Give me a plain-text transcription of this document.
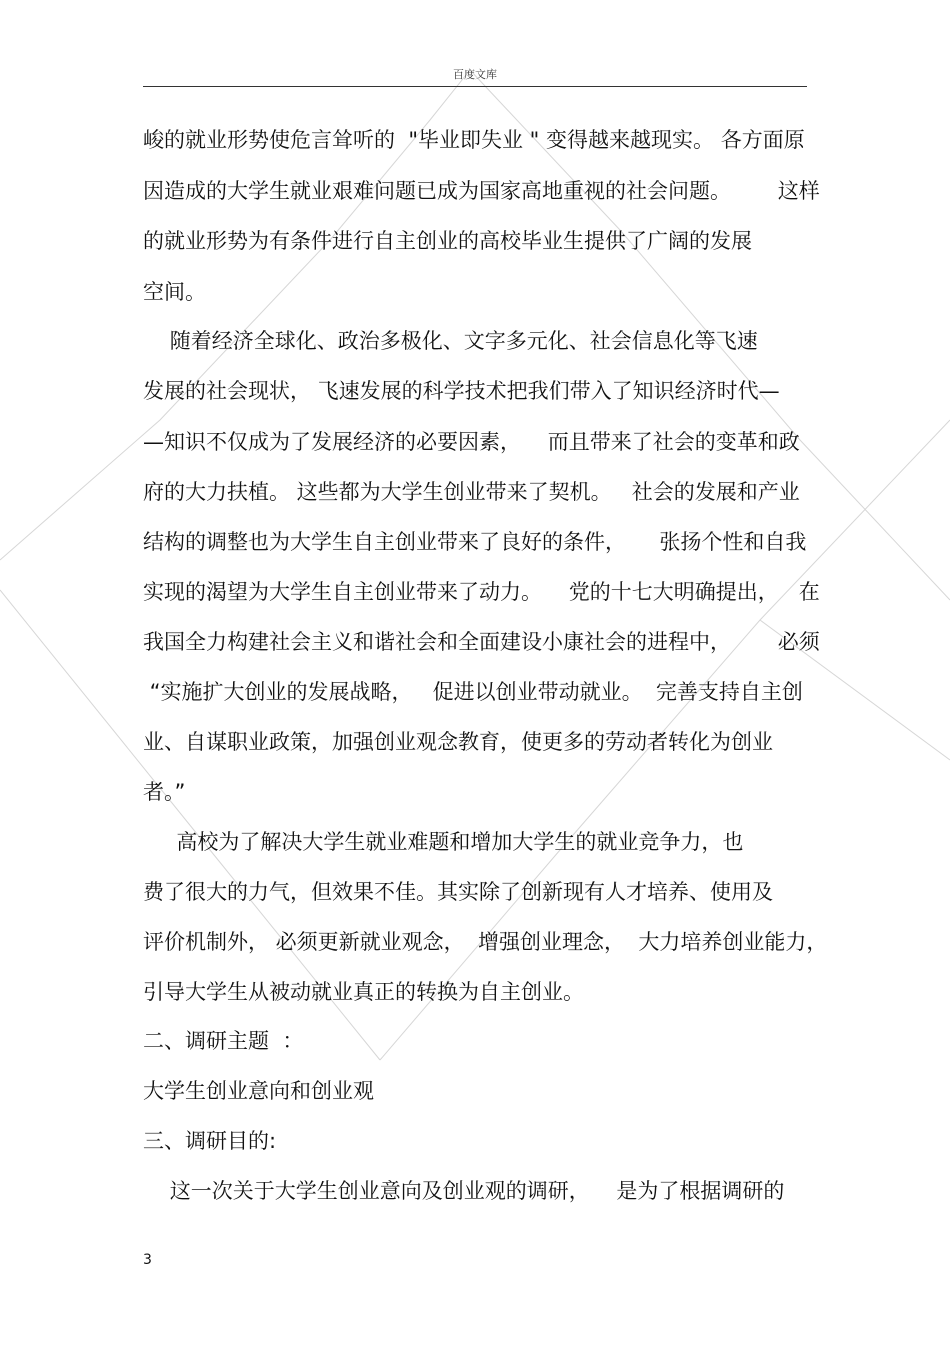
百度文库
峻的就业形势使危言耸听的  "毕业即失业 " 变得越来越现实。 各方面原
因造成的大学生就业艰难问题已成为国家高地重视的社会问题。       这样
的就业形势为有条件进行自主创业的高校毕业生提供了广阔的发展
空间。
随着经济全球化、政治多极化、文字多元化、社会信息化等飞速
发展的社会现状， 飞速发展的科学技术把我们带入了知识经济时代—
—知识不仅成为了发展经济的必要因素，    而且带来了社会的变革和政
府的大力扶植。 这些都为大学生创业带来了契机。   社会的发展和产业
结构的调整也为大学生自主创业带来了良好的条件，     张扬个性和自我
实现的渴望为大学生自主创业带来了动力。    党的十七大明确提出，   在
我国全力构建社会主义和谐社会和全面建设小康社会的进程中，       必须
“实施扩大创业的发展战略，   促进以创业带动就业。  完善支持自主创
业、自谋职业政策，加强创业观念教育，使更多的劳动者转化为创业
者。”
高校为了解决大学生就业难题和增加大学生的就业竞争力，也
费了很大的力气，但效果不佳。其实除了创新现有人才培养、使用及
评价机制外， 必须更新就业观念，  增强创业理念，  大力培养创业能力，
引导大学生从被动就业真正的转换为自主创业。
二、调研主题  ：
大学生创业意向和创业观
三、调研目的:
这一次关于大学生创业意向及创业观的调研，    是为了根据调研的
3
